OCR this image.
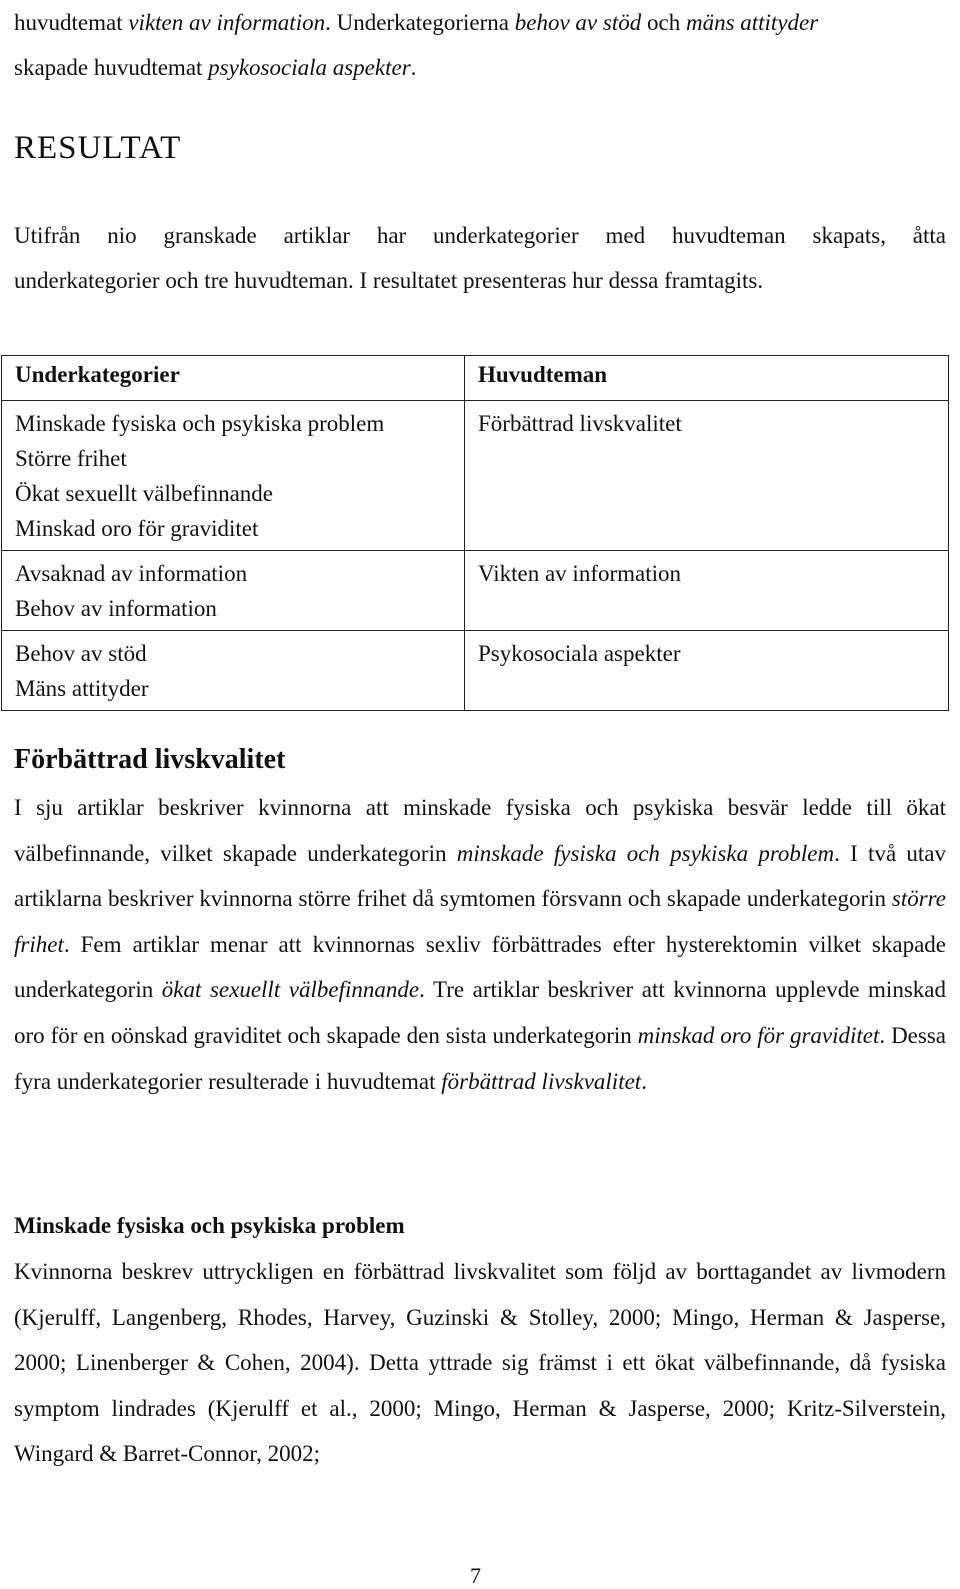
huvudtemat vikten av information. Underkategorierna behov av stöd och mäns attityder

skapade huvudtemat psykosociala aspekter.

RESULTAT
Utifrån nio granskade artiklar har underkategorier med huvudteman skapats, åtta
underkategorier och tre huvudteman. I resultatet presenteras hur dessa framtagits.
Underkategorier	Huvudteman

Minskade fysiska och psykiska problem
Större frihet
Ökat sexuellt välbefinnande
Minskad oro för graviditet	Förbättrad livskvalitet

Avsaknad av information
Behov av information	Vikten av information

Behov av stöd
Mäns attityder	Psykosociala aspekter
Förbättrad livskvalitet

I sju artiklar beskriver kvinnorna att minskade fysiska och psykiska besvär ledde till ökat välbefinnande, vilket skapade underkategorin minskade fysiska och psykiska problem. I två utav artiklarna beskriver kvinnorna större frihet då symtomen försvann och skapade underkategorin större frihet. Fem artiklar menar att kvinnornas sexliv förbättrades efter hysterektomin vilket skapade underkategorin ökat sexuellt välbefinnande. Tre artiklar beskriver att kvinnorna upplevde minskad oro för en oönskad graviditet och skapade den sista underkategorin minskad oro för graviditet. Dessa fyra underkategorier resulterade i huvudtemat förbättrad livskvalitet.

Minskade fysiska och psykiska problem

Kvinnorna beskrev uttryckligen en förbättrad livskvalitet som följd av borttagandet av livmodern (Kjerulff, Langenberg, Rhodes, Harvey, Guzinski & Stolley, 2000; Mingo, Herman & Jasperse, 2000; Linenberger & Cohen, 2004). Detta yttrade sig främst i ett ökat välbefinnande, då fysiska symptom lindrades (Kjerulff et al., 2000; Mingo, Herman & Jasperse, 2000; Kritz-Silverstein, Wingard & Barret-Connor, 2002;

7
